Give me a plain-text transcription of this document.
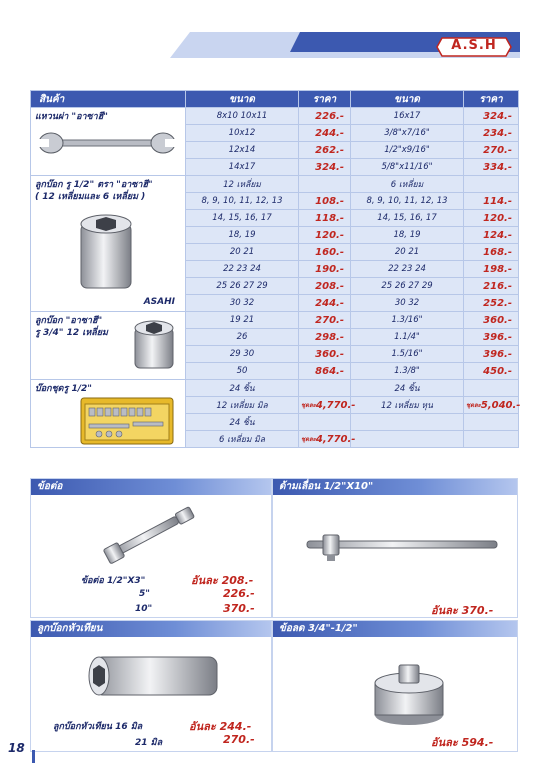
A.S.H
สินค้า	ขนาด	ราคา	ขนาด	ราคา

แหวนผ่า "อาซาฮี"	8x10 10x11	226.-	16x17	324.-
	10x12	244.-	3/8"x7/16"	234.-
	12x14	262.-	1/2"x9/16"	270.-
	14x17	324.-	5/8"x11/16"	334.-

ลูกบ๊อก รู 1/2" ตรา "อาซาฮี"
( 12 เหลี่ยมและ 6 เหลี่ยม )
ASAHI	12 เหลี่ยม		6 เหลี่ยม	
	8, 9, 10, 11, 12, 13	108.-	8, 9, 10, 11, 12, 13	114.-
	14, 15, 16, 17	118.-	14, 15, 16, 17	120.-
	18, 19	120.-	18, 19	124.-
	20 21	160.-	20 21	168.-
	22 23 24	190.-	22 23 24	198.-
	25 26 27 29	208.-	25 26 27 29	216.-
	30 32	244.-	30 32	252.-

ลูกบ๊อก "อาซาฮี"
รู 3/4" 12 เหลี่ยม	19 21	270.-	1.3/16"	360.-
	26	298.-	1.1/4"	396.-
	29 30	360.-	1.5/16"	396.-
	50	864.-	1.3/8"	450.-

บ๊อกชุดรู 1/2"	24 ชิ้น		24 ชิ้น	
	12 เหลี่ยม มิล	$^{ชุดละ}$4,770.-	12 เหลี่ยม หุน	$^{ชุดละ}$5,040.-
	24 ชิ้น			
	6 เหลี่ยม มิล	$^{ชุดละ}$4,770.-		
ข้อต่อ
ข้อต่อ 1/2"X3"	อันละ 208.-
5"	226.-
10"	370.-
ด้ามเลื่อน 1/2"X10"
อันละ 370.-
ลูกบ๊อกหัวเทียน
ลูกบ๊อกหัวเทียน 16 มิล	อันละ 244.-
21 มิล	270.-
ข้อลด 3/4"-1/2"
อันละ 594.-
18
